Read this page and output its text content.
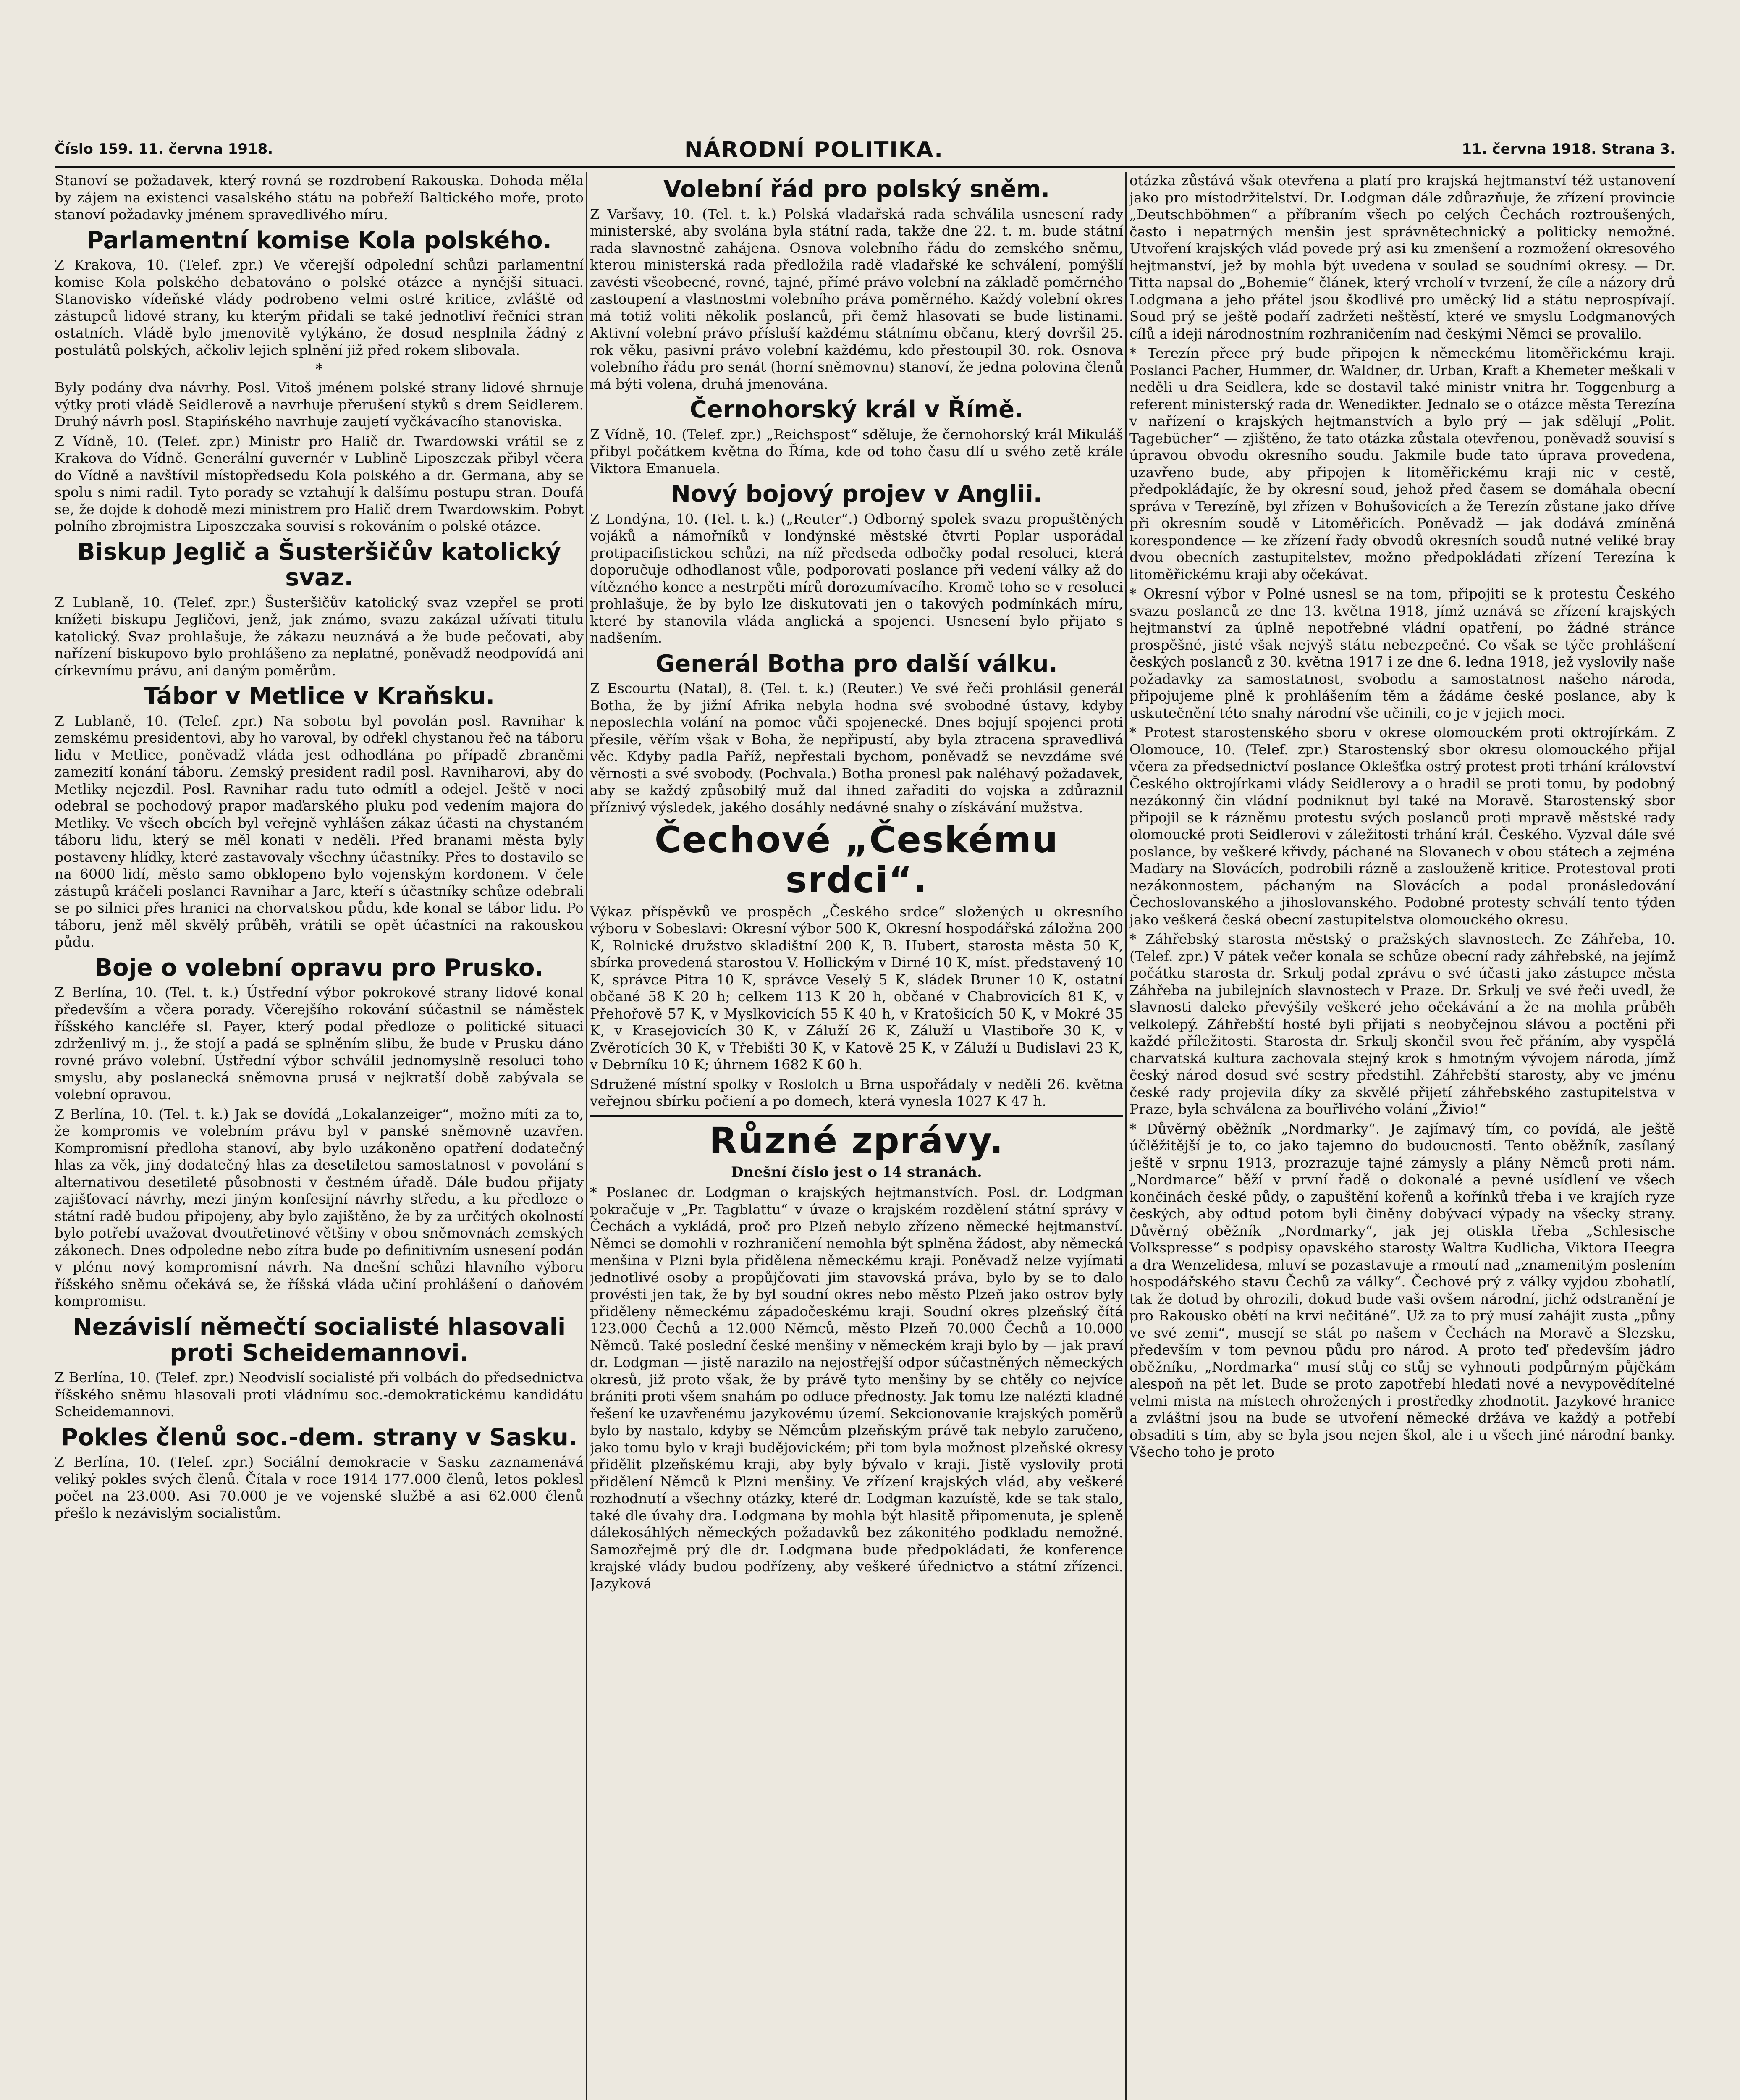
Číslo 159. 11. června 1918.	NÁRODNÍ POLITIKA.	11. června 1918. Strana 3.

Stanoví se požadavek, který rovná se rozdrobení Rakouska. Dohoda měla by zájem na existenci vasalského státu na pobřeží Baltického moře, proto stanoví požadavky jménem spravedlivého míru.

Parlamentní komise Kola polského.

Z Krakova, 10. (Telef. zpr.) Ve včerejší odpolední schůzi parlamentní komise Kola polského debatováno o polské otázce a nynější situaci. Stanovisko vídeňské vlády podrobeno velmi ostré kritice, zvláště od zástupců lidové strany, ku kterým přidali se také jednotliví řečníci stran ostatních. Vládě bylo jmenovitě vytýkáno, že dosud nesplnila žádný z postulátů polských, ačkoliv lejich splnění již před rokem slibovala.

*

Byly podány dva návrhy. Posl. Vitoš jménem polské strany lidové shrnuje výtky proti vládě Seidlerově a navrhuje přerušení styků s drem Seidlerem. Druhý návrh posl. Stapińského navrhuje zaujetí vyčkávacího stanoviska.

Z Vídně, 10. (Telef. zpr.) Ministr pro Halič dr. Twardowski vrátil se z Krakova do Vídně. Generální guvernér v Lublině Liposzczak přibyl včera do Vídně a navštívil místopředsedu Kola polského a dr. Germana, aby se spolu s nimi radil. Tyto porady se vztahují k dalšímu postupu stran. Doufá se, že dojde k dohodě mezi ministrem pro Halič drem Twardowskim. Pobyt polního zbrojmistra Liposzczaka souvisí s rokováním o polské otázce.

Biskup Jeglič a Šusteršičův katolický svaz.

Z Lublaně, 10. (Telef. zpr.) Šusteršičův katolický svaz vzepřel se proti knížeti biskupu Jegličovi, jenž, jak známo, svazu zakázal užívati titulu katolický. Svaz prohlašuje, že zákazu neuznává a že bude pečovati, aby nařízení biskupovo bylo prohlášeno za neplatné, poněvadž neodpovídá ani církevnímu právu, ani daným poměrům.

Tábor v Metlice v Kraňsku.

Z Lublaně, 10. (Telef. zpr.) Na sobotu byl povolán posl. Ravnihar k zemskému presidentovi, aby ho varoval, by odřekl chystanou řeč na táboru lidu v Metlice, poněvadž vláda jest odhodlána po případě zbraněmi zamezití konání táboru. Zemský president radil posl. Ravniharovi, aby do Metliky nejezdil. Posl. Ravnihar radu tuto odmítl a odejel. Ještě v noci odebral se pochodový prapor maďarského pluku pod vedením majora do Metliky. Ve všech obcích byl veřejně vyhlášen zákaz účasti na chystaném táboru lidu, který se měl konati v neděli. Před branami města byly postaveny hlídky, které zastavovaly všechny účastníky. Přes to dostavilo se na 6000 lidí, město samo obklopeno bylo vojenským kordonem. V čele zástupů kráčeli poslanci Ravnihar a Jarc, kteří s účastníky schůze odebrali se po silnici přes hranici na chorvatskou půdu, kde konal se tábor lidu. Po táboru, jenž měl skvělý průběh, vrátili se opět účastníci na rakouskou půdu.

Boje o volební opravu pro Prusko.

Z Berlína, 10. (Tel. t. k.) Ústřední výbor pokrokové strany lidové konal především a včera porady. Včerejšího rokování súčastnil se náměstek říšského kancléře sl. Payer, který podal předloze o politické situaci zdrženlivý m. j., že stojí a padá se splněním slibu, že bude v Prusku dáno rovné právo volební. Ústřední výbor schválil jednomyslně resoluci toho smyslu, aby poslanecká sněmovna prusá v nejkratší době zabývala se volební opravou.

Z Berlína, 10. (Tel. t. k.) Jak se dovídá „Lokalanzeiger“, možno míti za to, že kompromis ve volebním právu byl v panské sněmovně uzavřen. Kompromisní předloha stanoví, aby bylo uzákoněno opatření dodatečný hlas za věk, jiný dodatečný hlas za desetiletou samostatnost v povolání s alternativou desetileté působnosti v čestném úřadě. Dále budou přijaty zajišťovací návrhy, mezi jiným konfesijní návrhy středu, a ku předloze o státní radě budou připojeny, aby bylo zajištěno, že by za určitých okolností bylo potřebí uvažovat dvoutřetinové většiny v obou sněmovnách zemských zákonech. Dnes odpoledne nebo zítra bude po definitivním usnesení podán v plénu nový kompromisní návrh. Na dnešní schůzi hlavního výboru říšského sněmu očekává se, že říšská vláda učiní prohlášení o daňovém kompromisu.

Nezávislí němečtí socialisté hlasovali proti Scheidemannovi.

Z Berlína, 10. (Telef. zpr.) Neodvislí socialisté při volbách do předsednictva říšského sněmu hlasovali proti vládnímu soc.-demokratickému kandidátu Scheidemannovi.

Pokles členů soc.-dem. strany v Sasku.

Z Berlína, 10. (Telef. zpr.) Sociální demokracie v Sasku zaznamenává veliký pokles svých členů. Čítala v roce 1914 177.000 členů, letos poklesl počet na 23.000. Asi 70.000 je ve vojenské službě a asi 62.000 členů přešlo k nezávislým socialistům.

Volební řád pro polský sněm.

Z Varšavy, 10. (Tel. t. k.) Polská vladařská rada schválila usnesení rady ministerské, aby svolána byla státní rada, takže dne 22. t. m. bude státní rada slavnostně zahájena. Osnova volebního řádu do zemského sněmu, kterou ministerská rada předložila radě vladařské ke schválení, pomýšlí zavésti všeobecné, rovné, tajné, přímé právo volební na základě poměrného zastoupení a vlastnostmi volebního práva poměrného. Každý volební okres má totiž voliti několik poslanců, při čemž hlasovati se bude listinami. Aktivní volební právo přísluší každému státnímu občanu, který dovršil 25. rok věku, pasivní právo volební každému, kdo přestoupil 30. rok. Osnova volebního řádu pro senát (horní sněmovnu) stanoví, že jedna polovina členů má býti volena, druhá jmenována.

Černohorský král v Římě.

Z Vídně, 10. (Telef. zpr.) „Reichspost“ sděluje, že černohorský král Mikuláš přibyl počátkem května do Říma, kde od toho času dlí u svého zetě krále Viktora Emanuela.

Nový bojový projev v Anglii.

Z Londýna, 10. (Tel. t. k.) („Reuter“.) Odborný spolek svazu propuštěných vojáků a námořníků v londýnské městské čtvrti Poplar usporádal protipacifistickou schůzi, na níž předseda odbočky podal resoluci, která doporučuje odhodlanost vůle, podporovati poslance při vedení války až do vítězného konce a nestrpěti mírů dorozumívacího. Kromě toho se v resoluci prohlašuje, že by bylo lze diskutovati jen o takových podmínkách míru, které by stanovila vláda anglická a spojenci. Usnesení bylo přijato s nadšením.

Generál Botha pro další válku.

Z Escourtu (Natal), 8. (Tel. t. k.) (Reuter.) Ve své řeči prohlásil generál Botha, že by jižní Afrika nebyla hodna své svobodné ústavy, kdyby neposlechla volání na pomoc vůči spojenecké. Dnes bojují spojenci proti přesile, věřím však v Boha, že nepřipustí, aby byla ztracena spravedlivá věc. Kdyby padla Paříž, nepřestali bychom, poněvadž se nevzdáme své věrnosti a své svobody. (Pochvala.) Botha pronesl pak naléhavý požadavek, aby se každý způsobilý muž dal ihned zařaditi do vojska a zdůraznil příznivý výsledek, jakého dosáhly nedávné snahy o získávání mužstva.

Čechové „Českému srdci“.

Výkaz příspěvků ve prospěch „Českého srdce“ složených u okresního výboru v Sobeslavi: Okresní výbor 500 K, Okresní hospodářská záložna 200 K, Rolnické družstvo skladištní 200 K, B. Hubert, starosta města 50 K, sbírka provedená starostou V. Hollickým v Dirné 10 K, míst. představený 10 K, správce Pitra 10 K, správce Veselý 5 K, sládek Bruner 10 K, ostatní občané 58 K 20 h; celkem 113 K 20 h, občané v Chabrovicích 81 K, v Přehořově 57 K, v Myslkovicích 55 K 40 h, v Kratošicích 50 K, v Mokré 35 K, v Krasejovicích 30 K, v Záluží 26 K, Záluží u Vlastiboře 30 K, v Zvěrotících 30 K, v Třebišti 30 K, v Katově 25 K, v Záluží u Budislavi 23 K, v Debrníku 10 K; úhrnem 1682 K 60 h.

Sdružené místní spolky v Roslolch u Brna uspořádaly v neděli 26. května veřejnou sbírku počiení a po domech, která vynesla 1027 K 47 h.

Různé zprávy.
Dnešní číslo jest o 14 stranách.

* Poslanec dr. Lodgman o krajských hejtmanstvích. Posl. dr. Lodgman pokračuje v „Pr. Tagblattu“ v úvaze o krajském rozdělení státní správy v Čechách a vykládá, proč pro Plzeň nebylo zřízeno německé hejtmanství. Němci se domohli v rozhraničení nemohla být splněna žádost, aby německá menšina v Plzni byla přidělena německému kraji. Poněvadž nelze vyjímati jednotlivé osoby a propůjčovati jim stavovská práva, bylo by se to dalo provésti jen tak, že by byl soudní okres nebo město Plzeň jako ostrov byly přiděleny německému západočeskému kraji. Soudní okres plzeňský čítá 123.000 Čechů a 12.000 Němců, město Plzeň 70.000 Čechů a 10.000 Němců. Také poslední české menšiny v německém kraji bylo by — jak praví dr. Lodgman — jistě narazilo na nejostřejší odpor súčastněných německých okresů, již proto však, že by právě tyto menšiny by se chtěly co nejvíce brániti proti všem snahám po odluce přednosty. Jak tomu lze nalézti kladné řešení ke uzavřenému jazykovému území. Sekcionovanie krajských poměrů bylo by nastalo, kdyby se Němcům plzeňským právě tak nebylo zaručeno, jako tomu bylo v kraji budějovickém; při tom byla možnost plzeňské okresy přidělit plzeňskému kraji, aby byly bývalo v kraji. Jistě vyslovily proti přidělení Němců k Plzni menšiny. Ve zřízení krajských vlád, aby veškeré rozhodnutí a všechny otázky, které dr. Lodgman kazuístě, kde se tak stalo, také dle úvahy dra. Lodgmana by mohla být hlasitě připomenuta, je spleně dálekosáhlých německých požadavků bez zákonitého podkladu nemožné. Samozřejmě prý dle dr. Lodgmana bude předpokládati, že konference krajské vlády budou podřízeny, aby veškeré úřednictvo a státní zřízenci. Jazyková

otázka zůstává však otevřena a platí pro krajská hejtmanství též ustanovení jako pro místodržitelství. Dr. Lodgman dále zdůrazňuje, že zřízení provincie „Deutschböhmen“ a příbraním všech po celých Čechách roztroušených, často i nepatrných menšin jest správnětechnický a politicky nemožné. Utvoření krajských vlád povede prý asi ku zmenšení a rozmožení okresového hejtmanství, jež by mohla být uvedena v soulad se soudními okresy. — Dr. Titta napsal do „Bohemie“ článek, který vrcholí v tvrzení, že cíle a názory drů Lodgmana a jeho přátel jsou škodlivé pro uměcký lid a státu neprospívají. Soud prý se ještě podaří zadržeti neštěstí, které ve smyslu Lodgmanových cílů a ideji národnostním rozhraničením nad českými Němci se provalilo.

* Terezín přece prý bude připojen k německému litoměřickému kraji. Poslanci Pacher, Hummer, dr. Waldner, dr. Urban, Kraft a Khemeter meškali v neděli u dra Seidlera, kde se dostavil také ministr vnitra hr. Toggenburg a referent ministerský rada dr. Wenedikter. Jednalo se o otázce města Terezína v nařízení o krajských hejtmanstvích a bylo prý — jak sdělují „Polit. Tagebücher“ — zjištěno, že tato otázka zůstala otevřenou, poněvadž souvisí s úpravou obvodu okresního soudu. Jakmile bude tato úprava provedena, uzavřeno bude, aby připojen k litoměřickému kraji nic v cestě, předpokládajíc, že by okresní soud, jehož před časem se domáhala obecní správa v Terezíně, byl zřízen v Bohušovicích a že Terezín zůstane jako dříve při okresním soudě v Litoměřicích. Poněvadž — jak dodává zmíněná korespondence — ke zřízení řady obvodů okresních soudů nutné veliké bray dvou obecních zastupitelstev, možno předpokládati zřízení Terezína k litoměřickému kraji aby očekávat.

* Okresní výbor v Polné usnesl se na tom, připojiti se k protestu Českého svazu poslanců ze dne 13. května 1918, jímž uznává se zřízení krajských hejtmanství za úplně nepotřebné vládní opatření, po žádné stránce prospěšné, jisté však nejvýš státu nebezpečné. Co však se týče prohlášení českých poslanců z 30. května 1917 i ze dne 6. ledna 1918, jež vyslovily naše požadavky za samostatnost, svobodu a samostatnost našeho národa, připojujeme plně k prohlášením těm a žádáme české poslance, aby k uskutečnění této snahy národní vše učinili, co je v jejich moci.

* Protest starostenského sboru v okrese olomouckém proti oktrojírkám. Z Olomouce, 10. (Telef. zpr.) Starostenský sbor okresu olomouckého přijal včera za předsednictví poslance Oklešťka ostrý protest proti trhání království Českého oktrojírkami vlády Seidlerovy a o hradil se proti tomu, by podobný nezákonný čin vládní podniknut byl také na Moravě. Starostenský sbor připojil se k rázněmu protestu svých poslanců proti mpravě městské rady olomoucké proti Seidlerovi v záležitosti trhání král. Českého. Vyzval dále své poslance, by veškeré křivdy, páchané na Slovanech v obou státech a zejména Maďary na Slovácích, podrobili rázně a zaslouženě kritice. Protestoval proti nezákonnostem, páchaným na Slovácích a podal pronásledování Čechoslovanského a jihoslovanského. Podobné protesty schválí tento týden jako veškerá česká obecní zastupitelstva olomouckého okresu.

* Záhřebský starosta městský o pražských slavnostech. Ze Záhřeba, 10. (Telef. zpr.) V pátek večer konala se schůze obecní rady záhřebské, na jejímž počátku starosta dr. Srkulj podal zprávu o své účasti jako zástupce města Záhřeba na jubilejních slavnostech v Praze. Dr. Srkulj ve své řeči uvedl, že slavnosti daleko převýšily veškeré jeho očekávání a že na mohla průběh velkolepý. Záhřebští hosté byli přijati s neobyčejnou slávou a poctěni při každé příležitosti. Starosta dr. Srkulj skončil svou řeč přáním, aby vyspělá charvatská kultura zachovala stejný krok s hmotným vývojem národa, jímž český národ dosud své sestry předstihl. Záhřebští starosty, aby ve jménu české rady projevila díky za skvělé přijetí záhřebského zastupitelstva v Praze, byla schválena za bouřlivého volání „Živio!“

* Důvěrný oběžník „Nordmarky“. Je zajímavý tím, co povídá, ale ještě účlěžitější je to, co jako tajemno do budoucnosti. Tento oběžník, zasílaný ještě v srpnu 1913, prozrazuje tajné zámysly a plány Němců proti nám. „Nordmarce“ běží v první řadě o dokonalé a pevné usídlení ve všech končinách české půdy, o zapuštění kořenů a kořínků třeba i ve krajích ryze českých, aby odtud potom byli činěny dobývací výpady na všecky strany. Důvěrný oběžník „Nordmarky“, jak jej otiskla třeba „Schlesische Volkspresse“ s podpisy opavského starosty Waltra Kudlicha, Viktora Heegra a dra Wenzelidesa, mluví se pozastavuje a rmoutí nad „znamenitým poslením hospodářského stavu Čechů za války“. Čechové prý z války vyjdou zbohatlí, tak že dotud by ohrozili, dokud bude vaši ovšem národní, jichž odstranění je pro Rakousko obětí na krvi nečitáné“. Už za to prý musí zahájit zusta „půny ve své zemi“, musejí se stát po našem v Čechách na Moravě a Slezsku, především v tom pevnou půdu pro národ. A proto teď především jádro oběžníku, „Nordmarka“ musí stůj co stůj se vyhnouti podpůrným půjčkám alespoň na pět let. Bude se proto zapotřebí hledati nové a nevypovědítelné velmi mista na místech ohrožených i prostředky zhodnotit. Jazykové hranice a zvláštní jsou na bude se utvoření německé držáva ve každý a potřebí obsaditi s tím, aby se byla jsou nejen škol, ale i u všech jiné národní banky. Všecho toho je proto
